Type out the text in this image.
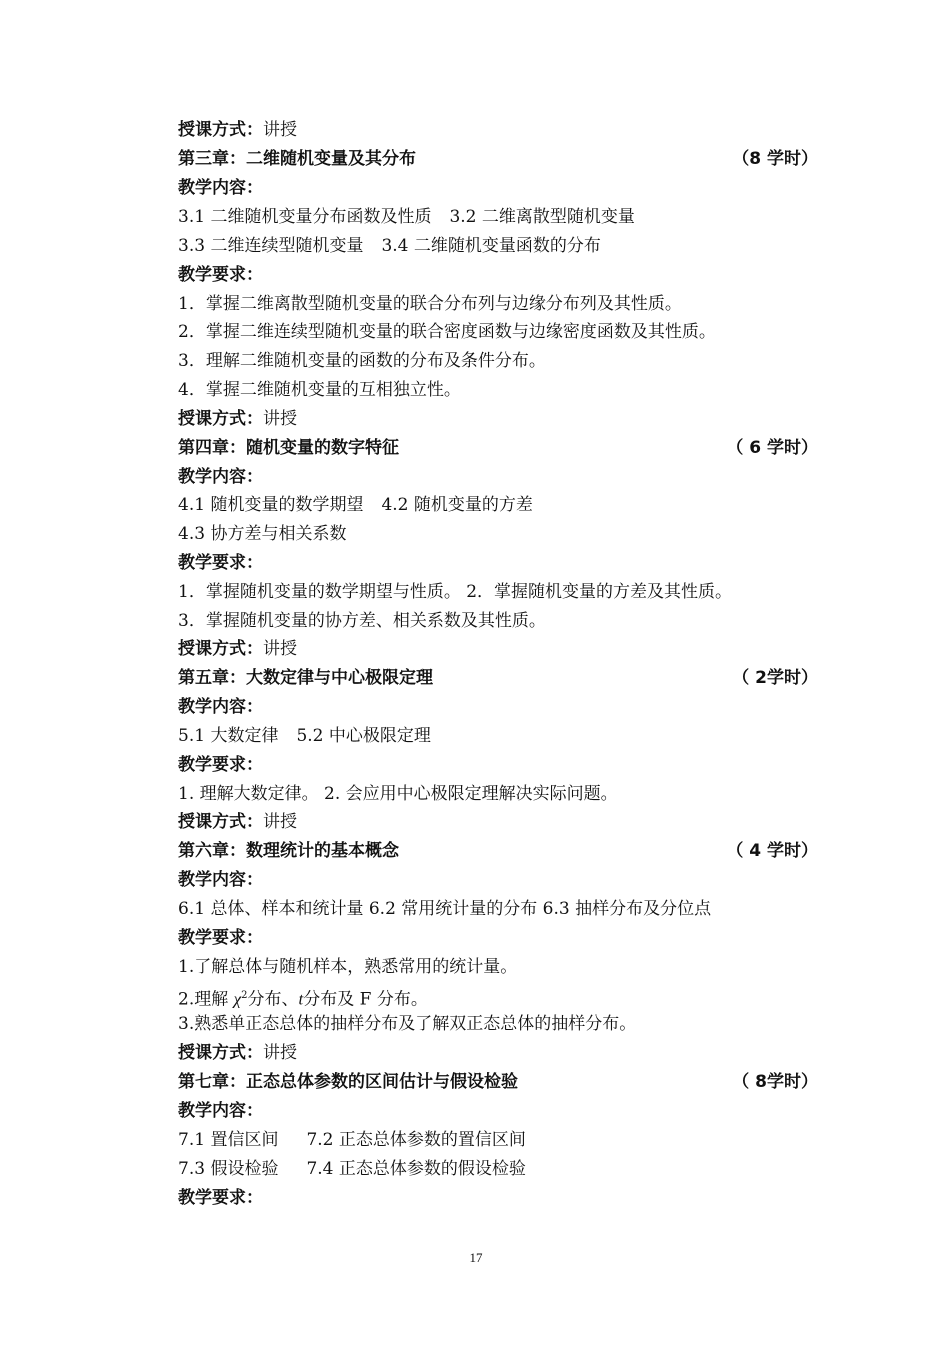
授课方式：讲授
第三章：二维随机变量及其分布	（8 学时）
教学内容：
3.1 二维随机变量分布函数及性质 3.2 二维离散型随机变量
3.3 二维连续型随机变量 3.4 二维随机变量函数的分布
教学要求：
1．掌握二维离散型随机变量的联合分布列与边缘分布列及其性质。
2．掌握二维连续型随机变量的联合密度函数与边缘密度函数及其性质。
3．理解二维随机变量的函数的分布及条件分布。
4．掌握二维随机变量的互相独立性。
授课方式：讲授
第四章：随机变量的数字特征	（ 6 学时）
教学内容：
4.1 随机变量的数学期望 4.2 随机变量的方差
4.3 协方差与相关系数
教学要求：
1．掌握随机变量的数学期望与性质。 2．掌握随机变量的方差及其性质。
3．掌握随机变量的协方差、相关系数及其性质。
授课方式：讲授
第五章：大数定律与中心极限定理	（ 2学时）
教学内容：
5.1 大数定律 5.2 中心极限定理
教学要求：
1. 理解大数定律。 2. 会应用中心极限定理解决实际问题。
授课方式：讲授
第六章：数理统计的基本概念	（ 4 学时）
教学内容：
6.1 总体、样本和统计量 6.2 常用统计量的分布 6.3 抽样分布及分位点
教学要求：
1.了解总体与随机样本，熟悉常用的统计量。
2.理解 $\chi^2$分布、t分布及 F 分布。
3.熟悉单正态总体的抽样分布及了解双正态总体的抽样分布。
授课方式：讲授
第七章：正态总体参数的区间估计与假设检验	（ 8学时）
教学内容：
7.1 置信区间 7.2 正态总体参数的置信区间
7.3 假设检验 7.4 正态总体参数的假设检验
教学要求：
17
